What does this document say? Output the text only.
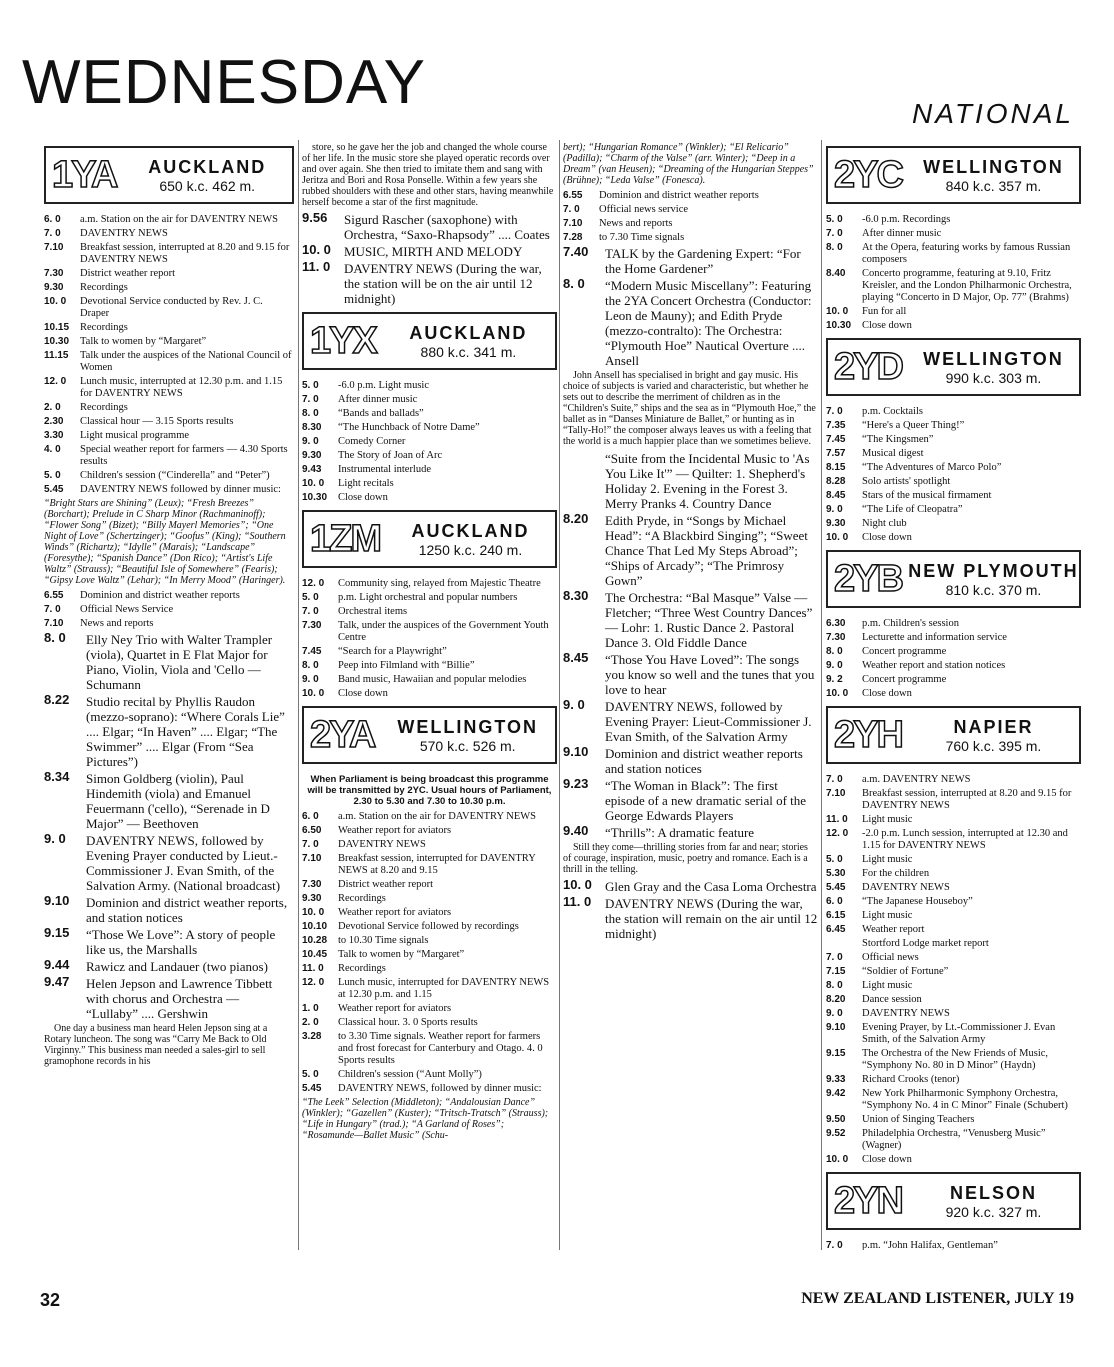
WEDNESDAY	NATIONAL
1YA	AUCKLAND
650 k.c. 462 m.
6. 0	a.m. Station on the air for DAVENTRY NEWS
7. 0	DAVENTRY NEWS
7.10	Breakfast session, interrupted at 8.20 and 9.15 for DAVENTRY NEWS
7.30	District weather report
9.30	Recordings
10. 0	Devotional Service conducted by Rev. J. C. Draper
10.15	Recordings
10.30	Talk to women by “Margaret”
11.15	Talk under the auspices of the National Council of Women
12. 0	Lunch music, interrupted at 12.30 p.m. and 1.15 for DAVENTRY NEWS
2. 0	Recordings
2.30	Classical hour — 3.15 Sports results
3.30	Light musical programme
4. 0	Special weather report for farmers — 4.30 Sports results
5. 0	Children's session (“Cinderella” and “Peter”)
5.45	DAVENTRY NEWS followed by dinner music:
“Bright Stars are Shining” (Leux); “Fresh Breezes” (Borchart); Prelude in C Sharp Minor (Rachmaninoff); “Flower Song” (Bizet); “Billy Mayerl Memories”; “One Night of Love” (Schertzinger); “Goofus” (King); “Southern Winds” (Richartz); “Idylle” (Marais); “Landscape” (Foresythe); “Spanish Dance” (Don Rico); “Artist's Life Waltz” (Strauss); “Beautiful Isle of Somewhere” (Fearis); “Gipsy Love Waltz” (Lehar); “In Merry Mood” (Haringer).
6.55	Dominion and district weather reports
7. 0	Official News Service
7.10	News and reports
8. 0	Elly Ney Trio with Walter Trampler (viola), Quartet in E Flat Major for Piano, Violin, Viola and 'Cello — Schumann
8.22	Studio recital by Phyllis Raudon (mezzo-soprano): “Where Corals Lie” .... Elgar; “In Haven” .... Elgar; “The Swimmer” .... Elgar (From “Sea Pictures”)
8.34	Simon Goldberg (violin), Paul Hindemith (viola) and Emanuel Feuermann ('cello), “Serenade in D Major” — Beethoven
9. 0	DAVENTRY NEWS, followed by Evening Prayer conducted by Lieut.-Commissioner J. Evan Smith, of the Salvation Army. (National broadcast)
9.10	Dominion and district weather reports, and station notices
9.15	“Those We Love”: A story of people like us, the Marshalls
9.44	Rawicz and Landauer (two pianos)
9.47	Helen Jepson and Lawrence Tibbett with chorus and Orchestra — “Lullaby” .... Gershwin
One day a business man heard Helen Jepson sing at a Rotary luncheon. The song was “Carry Me Back to Old Virginny.” This business man needed a sales-girl to sell gramophone records in his
store, so he gave her the job and changed the whole course of her life. In the music store she played operatic records over and over again. She then tried to imitate them and sang with Jeritza and Bori and Rosa Ponselle. Within a few years she rubbed shoulders with these and other stars, having meanwhile herself become a star of the first magnitude.
9.56	Sigurd Rascher (saxophone) with Orchestra, “Saxo-Rhapsody” .... Coates
10. 0	MUSIC, MIRTH AND MELODY
11. 0	DAVENTRY NEWS (During the war, the station will be on the air until 12 midnight)
1YX	AUCKLAND
880 k.c. 341 m.
5. 0	-6.0 p.m. Light music
7. 0	After dinner music
8. 0	“Bands and ballads”
8.30	“The Hunchback of Notre Dame”
9. 0	Comedy Corner
9.30	The Story of Joan of Arc
9.43	Instrumental interlude
10. 0	Light recitals
10.30	Close down
1ZM	AUCKLAND
1250 k.c. 240 m.
12. 0	Community sing, relayed from Majestic Theatre
5. 0	p.m. Light orchestral and popular numbers
7. 0	Orchestral items
7.30	Talk, under the auspices of the Government Youth Centre
7.45	“Search for a Playwright”
8. 0	Peep into Filmland with “Billie”
9. 0	Band music, Hawaiian and popular melodies
10. 0	Close down
2YA	WELLINGTON
570 k.c. 526 m.
When Parliament is being broadcast this programme will be transmitted by 2YC. Usual hours of Parliament, 2.30 to 5.30 and 7.30 to 10.30 p.m.
6. 0	a.m. Station on the air for DAVENTRY NEWS
6.50	Weather report for aviators
7. 0	DAVENTRY NEWS
7.10	Breakfast session, interrupted for DAVENTRY NEWS at 8.20 and 9.15
7.30	District weather report
9.30	Recordings
10. 0	Weather report for aviators
10.10	Devotional Service followed by recordings
10.28	to 10.30 Time signals
10.45	Talk to women by “Margaret”
11. 0	Recordings
12. 0	Lunch music, interrupted for DAVENTRY NEWS at 12.30 p.m. and 1.15
1. 0	Weather report for aviators
2. 0	Classical hour. 3. 0 Sports results
3.28	to 3.30 Time signals. Weather report for farmers and frost forecast for Canterbury and Otago. 4. 0 Sports results
5. 0	Children's session (“Aunt Molly”)
5.45	DAVENTRY NEWS, followed by dinner music:
“The Leek” Selection (Middleton); “Andalousian Dance” (Winkler); “Gazellen” (Kuster); “Tritsch-Tratsch” (Strauss); “Life in Hungary” (trad.); “A Garland of Roses”; “Rosamunde—Ballet Music” (Schu-
bert); “Hungarian Romance” (Winkler); “El Relicario” (Padilla); “Charm of the Valse” (arr. Winter); “Deep in a Dream” (van Heusen); “Dreaming of the Hungarian Steppes” (Brühne); “Leda Valse” (Fonesca).
6.55	Dominion and district weather reports
7. 0	Official news service
7.10	News and reports
7.28	to 7.30 Time signals
7.40	TALK by the Gardening Expert: “For the Home Gardener”
8. 0	“Modern Music Miscellany”: Featuring the 2YA Concert Orchestra (Conductor: Leon de Mauny); and Edith Pryde (mezzo-contralto): The Orchestra: “Plymouth Hoe” Nautical Overture .... Ansell
John Ansell has specialised in bright and gay music. His choice of subjects is varied and characteristic, but whether he sets out to describe the merriment of children as in the “Children's Suite,” ships and the sea as in “Plymouth Hoe,” the ballet as in “Danses Miniature de Ballet,” or hunting as in “Tally-Ho!” the composer always leaves us with a feeling that the world is a much happier place than we sometimes believe.
“Suite from the Incidental Music to 'As You Like It'” — Quilter: 1. Shepherd's Holiday 2. Evening in the Forest 3. Merry Pranks 4. Country Dance
8.20	Edith Pryde, in “Songs by Michael Head”: “A Blackbird Singing”; “Sweet Chance That Led My Steps Abroad”; “Ships of Arcady”; “The Primrosy Gown”
8.30	The Orchestra: “Bal Masque” Valse — Fletcher; “Three West Country Dances” — Lohr: 1. Rustic Dance 2. Pastoral Dance 3. Old Fiddle Dance
8.45	“Those You Have Loved”: The songs you know so well and the tunes that you love to hear
9. 0	DAVENTRY NEWS, followed by Evening Prayer: Lieut-Commissioner J. Evan Smith, of the Salvation Army
9.10	Dominion and district weather reports and station notices
9.23	“The Woman in Black”: The first episode of a new dramatic serial of the George Edwards Players
9.40	“Thrills”: A dramatic feature
Still they come—thrilling stories from far and near; stories of courage, inspiration, music, poetry and romance. Each is a thrill in the telling.
10. 0	Glen Gray and the Casa Loma Orchestra
11. 0	DAVENTRY NEWS (During the war, the station will remain on the air until 12 midnight)
2YC	WELLINGTON
840 k.c. 357 m.
5. 0	-6.0 p.m. Recordings
7. 0	After dinner music
8. 0	At the Opera, featuring works by famous Russian composers
8.40	Concerto programme, featuring at 9.10, Fritz Kreisler, and the London Philharmonic Orchestra, playing “Concerto in D Major, Op. 77” (Brahms)
10. 0	Fun for all
10.30	Close down
2YD	WELLINGTON
990 k.c. 303 m.
7. 0	p.m. Cocktails
7.35	“Here's a Queer Thing!”
7.45	“The Kingsmen”
7.57	Musical digest
8.15	“The Adventures of Marco Polo”
8.28	Solo artists' spotlight
8.45	Stars of the musical firmament
9. 0	“The Life of Cleopatra”
9.30	Night club
10. 0	Close down
2YB NEW PLYMOUTH
810 k.c. 370 m.
6.30	p.m. Children's session
7.30	Lecturette and information service
8. 0	Concert programme
9. 0	Weather report and station notices
9. 2	Concert programme
10. 0	Close down
2YH	NAPIER
760 k.c. 395 m.
7. 0	a.m. DAVENTRY NEWS
7.10	Breakfast session, interrupted at 8.20 and 9.15 for DAVENTRY NEWS
11. 0	Light music
12. 0	-2.0 p.m. Lunch session, interrupted at 12.30 and 1.15 for DAVENTRY NEWS
5. 0	Light music
5.30	For the children
5.45	DAVENTRY NEWS
6. 0	“The Japanese Houseboy”
6.15	Light music
6.45	Weather report
Stortford Lodge market report
7. 0	Official news
7.15	“Soldier of Fortune”
8. 0	Light music
8.20	Dance session
9. 0	DAVENTRY NEWS
9.10	Evening Prayer, by Lt.-Commissioner J. Evan Smith, of the Salvation Army
9.15	The Orchestra of the New Friends of Music, “Symphony No. 80 in D Minor” (Haydn)
9.33	Richard Crooks (tenor)
9.42	New York Philharmonic Symphony Orchestra, “Symphony No. 4 in C Minor” Finale (Schubert)
9.50	Union of Singing Teachers
9.52	Philadelphia Orchestra, “Venusberg Music” (Wagner)
10. 0	Close down
2YN	NELSON
920 k.c. 327 m.
7. 0	p.m. “John Halifax, Gentleman”
32	NEW ZEALAND LISTENER, JULY 19
